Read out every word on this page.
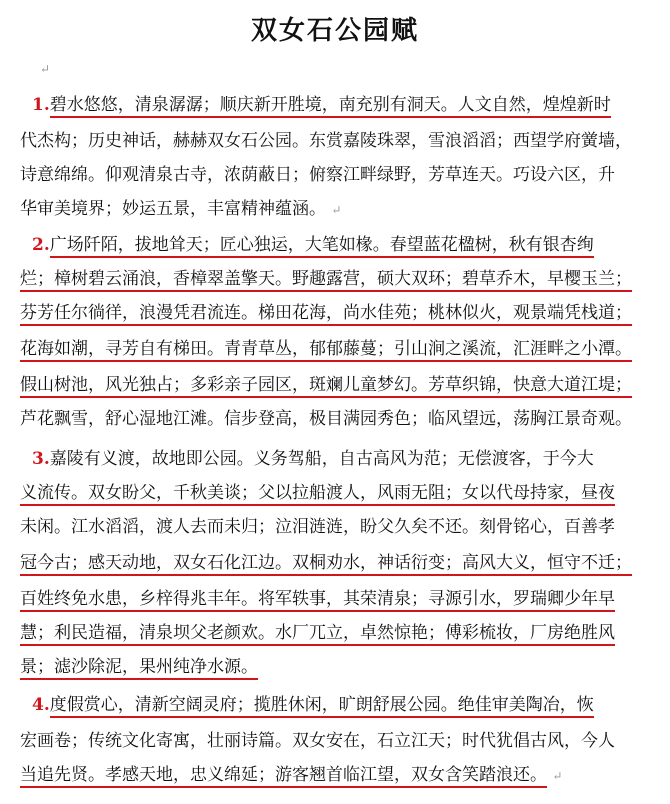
双女石公园赋
↵
1.碧水悠悠，清泉潺潺；顺庆新开胜境，南充别有洞天。人文自然，煌煌新时
代杰构；历史神话，赫赫双女石公园。东赏嘉陵珠翠，雪浪滔滔；西望学府黉墙，
诗意绵绵。仰观清泉古寺，浓荫蔽日；俯察江畔绿野，芳草连天。巧设六区，升
华审美境界；妙运五景，丰富精神蕴涵。 ↵
2.广场阡陌，拔地耸天；匠心独运，大笔如椽。春望蓝花楹树，秋有银杏绚
烂；樟树碧云涌浪，香樟翠盖擎天。野趣露营，硕大双环；碧草乔木，早樱玉兰；
芬芳任尔徜徉，浪漫凭君流连。梯田花海，尚水佳苑；桃林似火，观景端凭栈道；
花海如潮，寻芳自有梯田。青青草丛，郁郁藤蔓；引山涧之溪流，汇涯畔之小潭。
假山树池，风光独占；多彩亲子园区，斑斓儿童梦幻。芳草织锦，快意大道江堤；
芦花飘雪，舒心湿地江滩。信步登高，极目满园秀色；临风望远，荡胸江景奇观。
3.嘉陵有义渡，故地即公园。义务驾船，自古高风为范；无偿渡客，于今大
义流传。双女盼父，千秋美谈；父以拉船渡人，风雨无阻；女以代母持家，昼夜
未闲。江水滔滔，渡人去而未归；泣泪涟涟，盼父久矣不还。刻骨铭心，百善孝
冠今古；感天动地，双女石化江边。双桐劝水，神话衍变；高风大义，恒守不迁；
百姓终免水患，乡梓得兆丰年。将军轶事，其荣清泉；寻源引水，罗瑞卿少年早
慧；利民造福，清泉坝父老颜欢。水厂兀立，卓然惊艳；傅彩梳妆，厂房绝胜风
景；滤沙除泥，果州纯净水源。
4.度假赏心，清新空阔灵府；揽胜休闲，旷朗舒展公园。绝佳审美陶冶，恢
宏画卷；传统文化寄寓，壮丽诗篇。双女安在，石立江天；时代犹倡古风，今人
当追先贤。孝感天地，忠义绵延；游客翘首临江望，双女含笑踏浪还。 ↵
